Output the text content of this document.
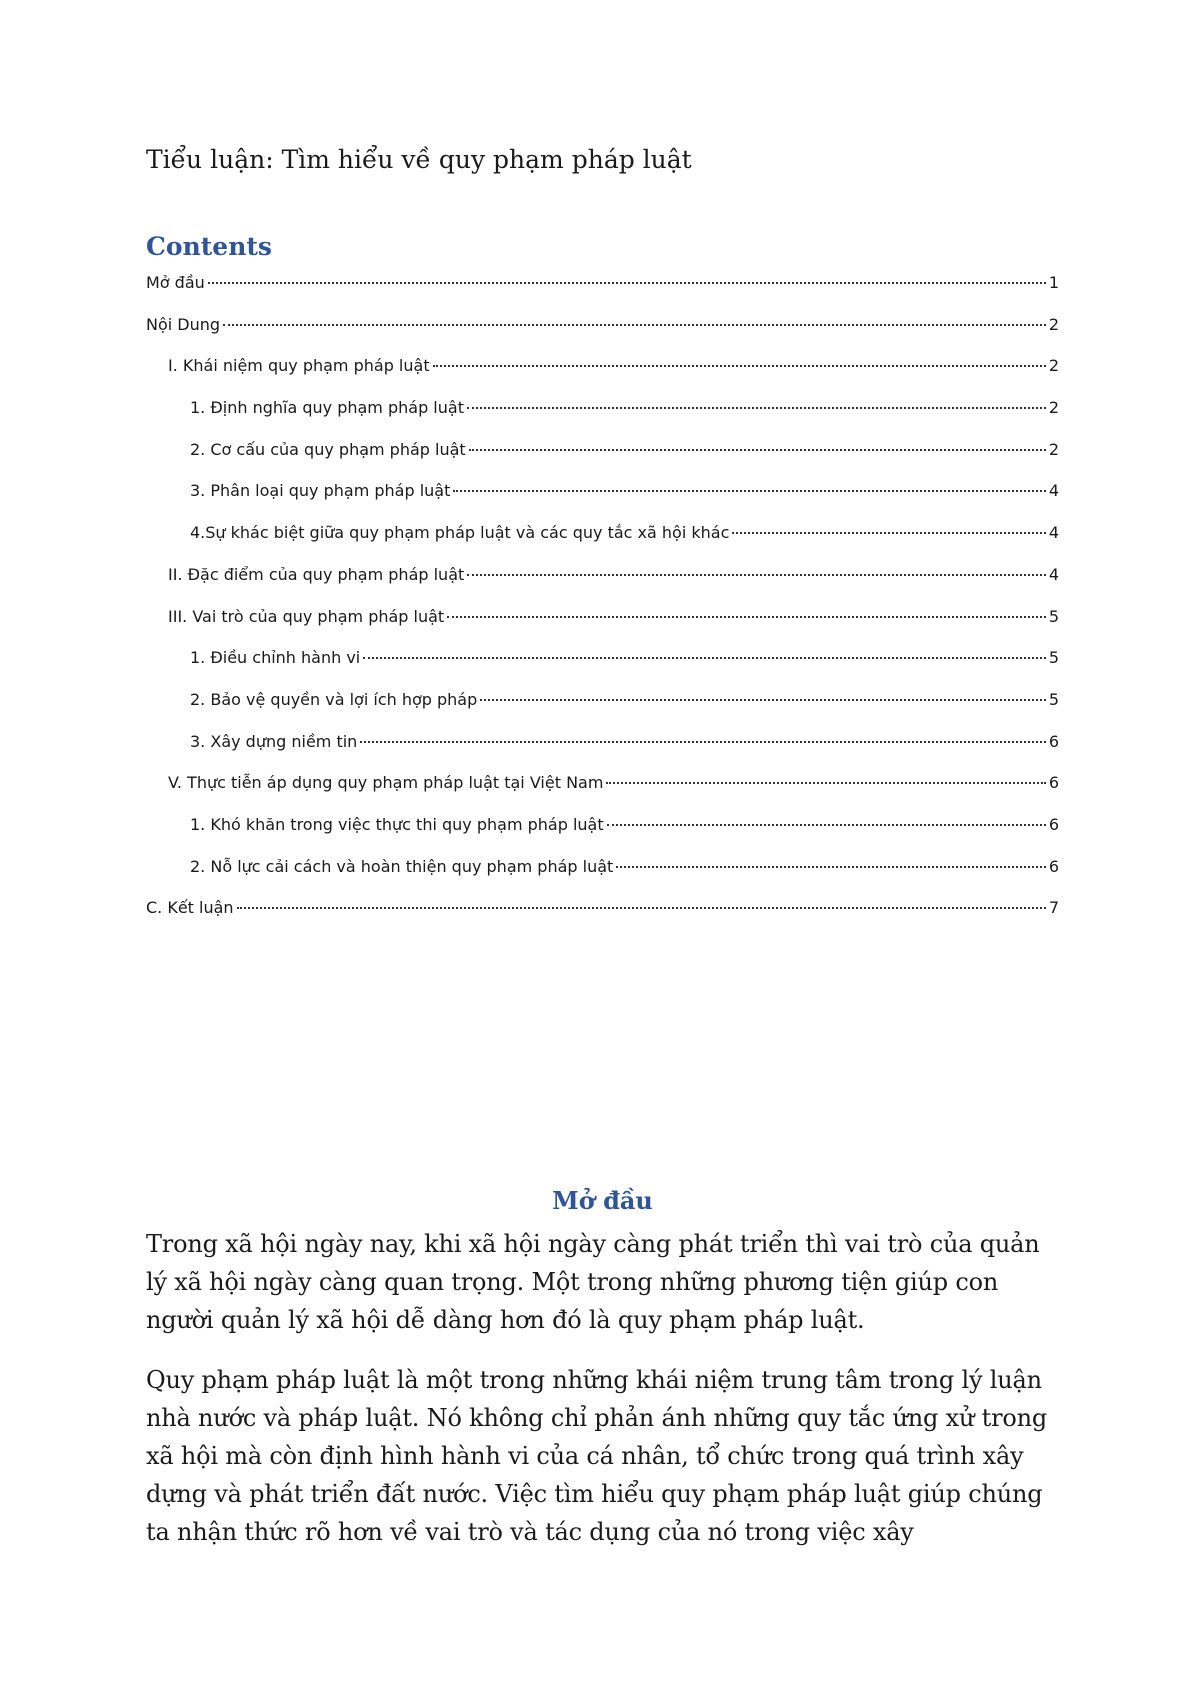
Tiểu luận: Tìm hiểu về quy phạm pháp luật
Contents
Mở đầu	1
Nội Dung	2
I. Khái niệm quy phạm pháp luật	2
1. Định nghĩa quy phạm pháp luật	2
2. Cơ cấu của quy phạm pháp luật	2
3. Phân loại quy phạm pháp luật	4
4.Sự khác biệt giữa quy phạm pháp luật và các quy tắc xã hội khác	4
II. Đặc điểm của quy phạm pháp luật	4
III. Vai trò của quy phạm pháp luật	5
1. Điều chỉnh hành vi	5
2. Bảo vệ quyền và lợi ích hợp pháp	5
3. Xây dựng niềm tin	6
V. Thực tiễn áp dụng quy phạm pháp luật tại Việt Nam	6
1. Khó khăn trong việc thực thi quy phạm pháp luật	6
2. Nỗ lực cải cách và hoàn thiện quy phạm pháp luật	6
C. Kết luận	7
Mở đầu

Trong xã hội ngày nay, khi xã hội ngày càng phát triển thì vai trò của quản lý xã hội ngày càng quan trọng. Một trong những phương tiện giúp con người quản lý xã hội dễ dàng hơn đó là quy phạm pháp luật.

Quy phạm pháp luật là một trong những khái niệm trung tâm trong lý luận nhà nước và pháp luật. Nó không chỉ phản ánh những quy tắc ứng xử trong xã hội mà còn định hình hành vi của cá nhân, tổ chức trong quá trình xây dựng và phát triển đất nước. Việc tìm hiểu quy phạm pháp luật giúp chúng ta nhận thức rõ hơn về vai trò và tác dụng của nó trong việc xây
